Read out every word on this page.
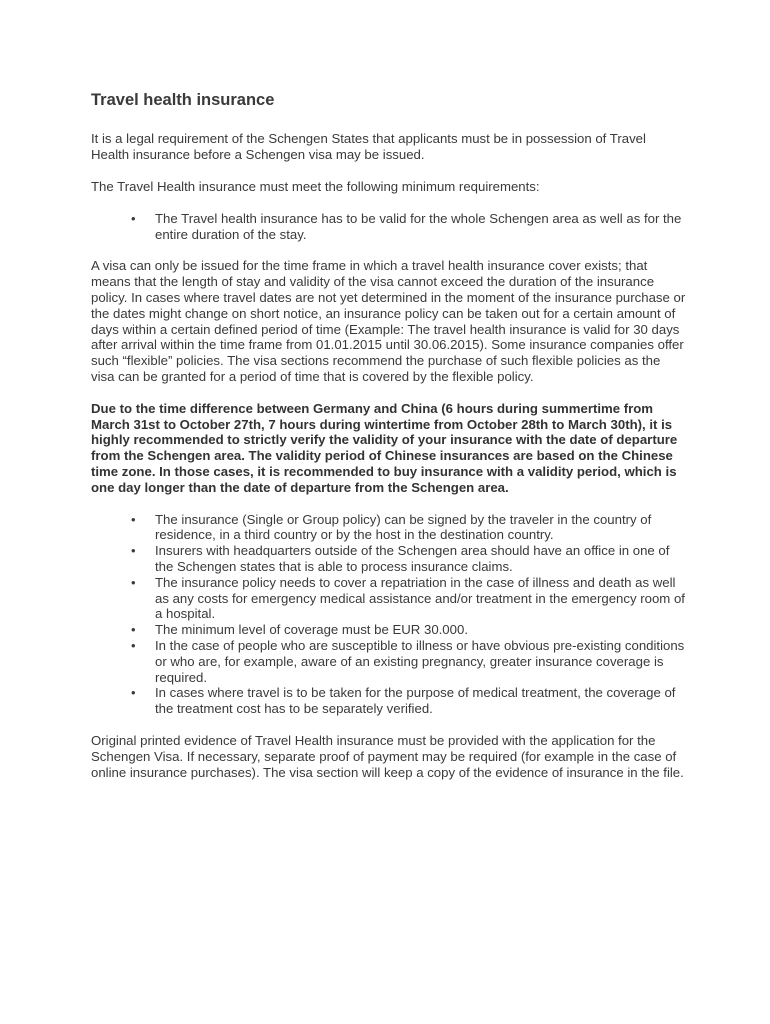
Travel health insurance

It is a legal requirement of the Schengen States that applicants must be in possession of Travel Health insurance before a Schengen visa may be issued.

The Travel Health insurance must meet the following minimum requirements:

• The Travel health insurance has to be valid for the whole Schengen area as well as for the entire duration of the stay.

A visa can only be issued for the time frame in which a travel health insurance cover exists; that means that the length of stay and validity of the visa cannot exceed the duration of the insurance policy. In cases where travel dates are not yet determined in the moment of the insurance purchase or the dates might change on short notice, an insurance policy can be taken out for a certain amount of days within a certain defined period of time (Example: The travel health insurance is valid for 30 days after arrival within the time frame from 01.01.2015 until 30.06.2015). Some insurance companies offer such “flexible” policies. The visa sections recommend the purchase of such flexible policies as the visa can be granted for a period of time that is covered by the flexible policy.

Due to the time difference between Germany and China (6 hours during summertime from March 31st to October 27th, 7 hours during wintertime from October 28th to March 30th), it is highly recommended to strictly verify the validity of your insurance with the date of departure from the Schengen area. The validity period of Chinese insurances are based on the Chinese time zone. In those cases, it is recommended to buy insurance with a validity period, which is one day longer than the date of departure from the Schengen area.

• The insurance (Single or Group policy) can be signed by the traveler in the country of residence, in a third country or by the host in the destination country.
• Insurers with headquarters outside of the Schengen area should have an office in one of the Schengen states that is able to process insurance claims.
• The insurance policy needs to cover a repatriation in the case of illness and death as well as any costs for emergency medical assistance and/or treatment in the emergency room of a hospital.
• The minimum level of coverage must be EUR 30.000.
• In the case of people who are susceptible to illness or have obvious pre-existing conditions or who are, for example, aware of an existing pregnancy, greater insurance coverage is required.
• In cases where travel is to be taken for the purpose of medical treatment, the coverage of the treatment cost has to be separately verified.

Original printed evidence of Travel Health insurance must be provided with the application for the Schengen Visa. If necessary, separate proof of payment may be required (for example in the case of online insurance purchases). The visa section will keep a copy of the evidence of insurance in the file.
